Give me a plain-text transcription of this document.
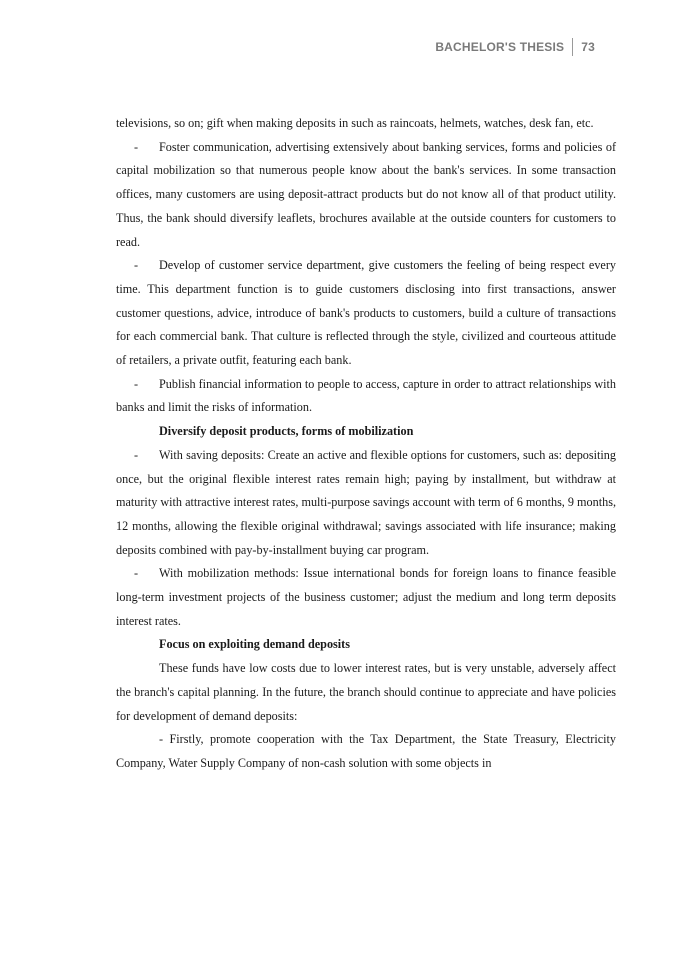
BACHELOR'S THESIS 73

televisions, so on; gift when making deposits in such as raincoats, helmets, watches, desk fan, etc.

- Foster communication, advertising extensively about banking services, forms and policies of capital mobilization so that numerous people know about the bank's services. In some transaction offices, many customers are using deposit-attract products but do not know all of that product utility. Thus, the bank should diversify leaflets, brochures available at the outside counters for customers to read.

- Develop of customer service department, give customers the feeling of being respect every time. This department function is to guide customers disclosing into first transactions, answer customer questions, advice, introduce of bank's products to customers, build a culture of transactions for each commercial bank. That culture is reflected through the style, civilized and courteous attitude of retailers, a private outfit, featuring each bank.

- Publish financial information to people to access, capture in order to attract relationships with banks and limit the risks of information.

Diversify deposit products, forms of mobilization

- With saving deposits: Create an active and flexible options for customers, such as: depositing once, but the original flexible interest rates remain high; paying by installment, but withdraw at maturity with attractive interest rates, multi-purpose savings account with term of 6 months, 9 months, 12 months, allowing the flexible original withdrawal; savings associated with life insurance; making deposits combined with pay-by-installment buying car program.

- With mobilization methods: Issue international bonds for foreign loans to finance feasible long-term investment projects of the business customer; adjust the medium and long term deposits interest rates.

Focus on exploiting demand deposits

These funds have low costs due to lower interest rates, but is very unstable, adversely affect the branch's capital planning. In the future, the branch should continue to appreciate and have policies for development of demand deposits:

- Firstly, promote cooperation with the Tax Department, the State Treasury, Electricity Company, Water Supply Company of non-cash solution with some objects in
